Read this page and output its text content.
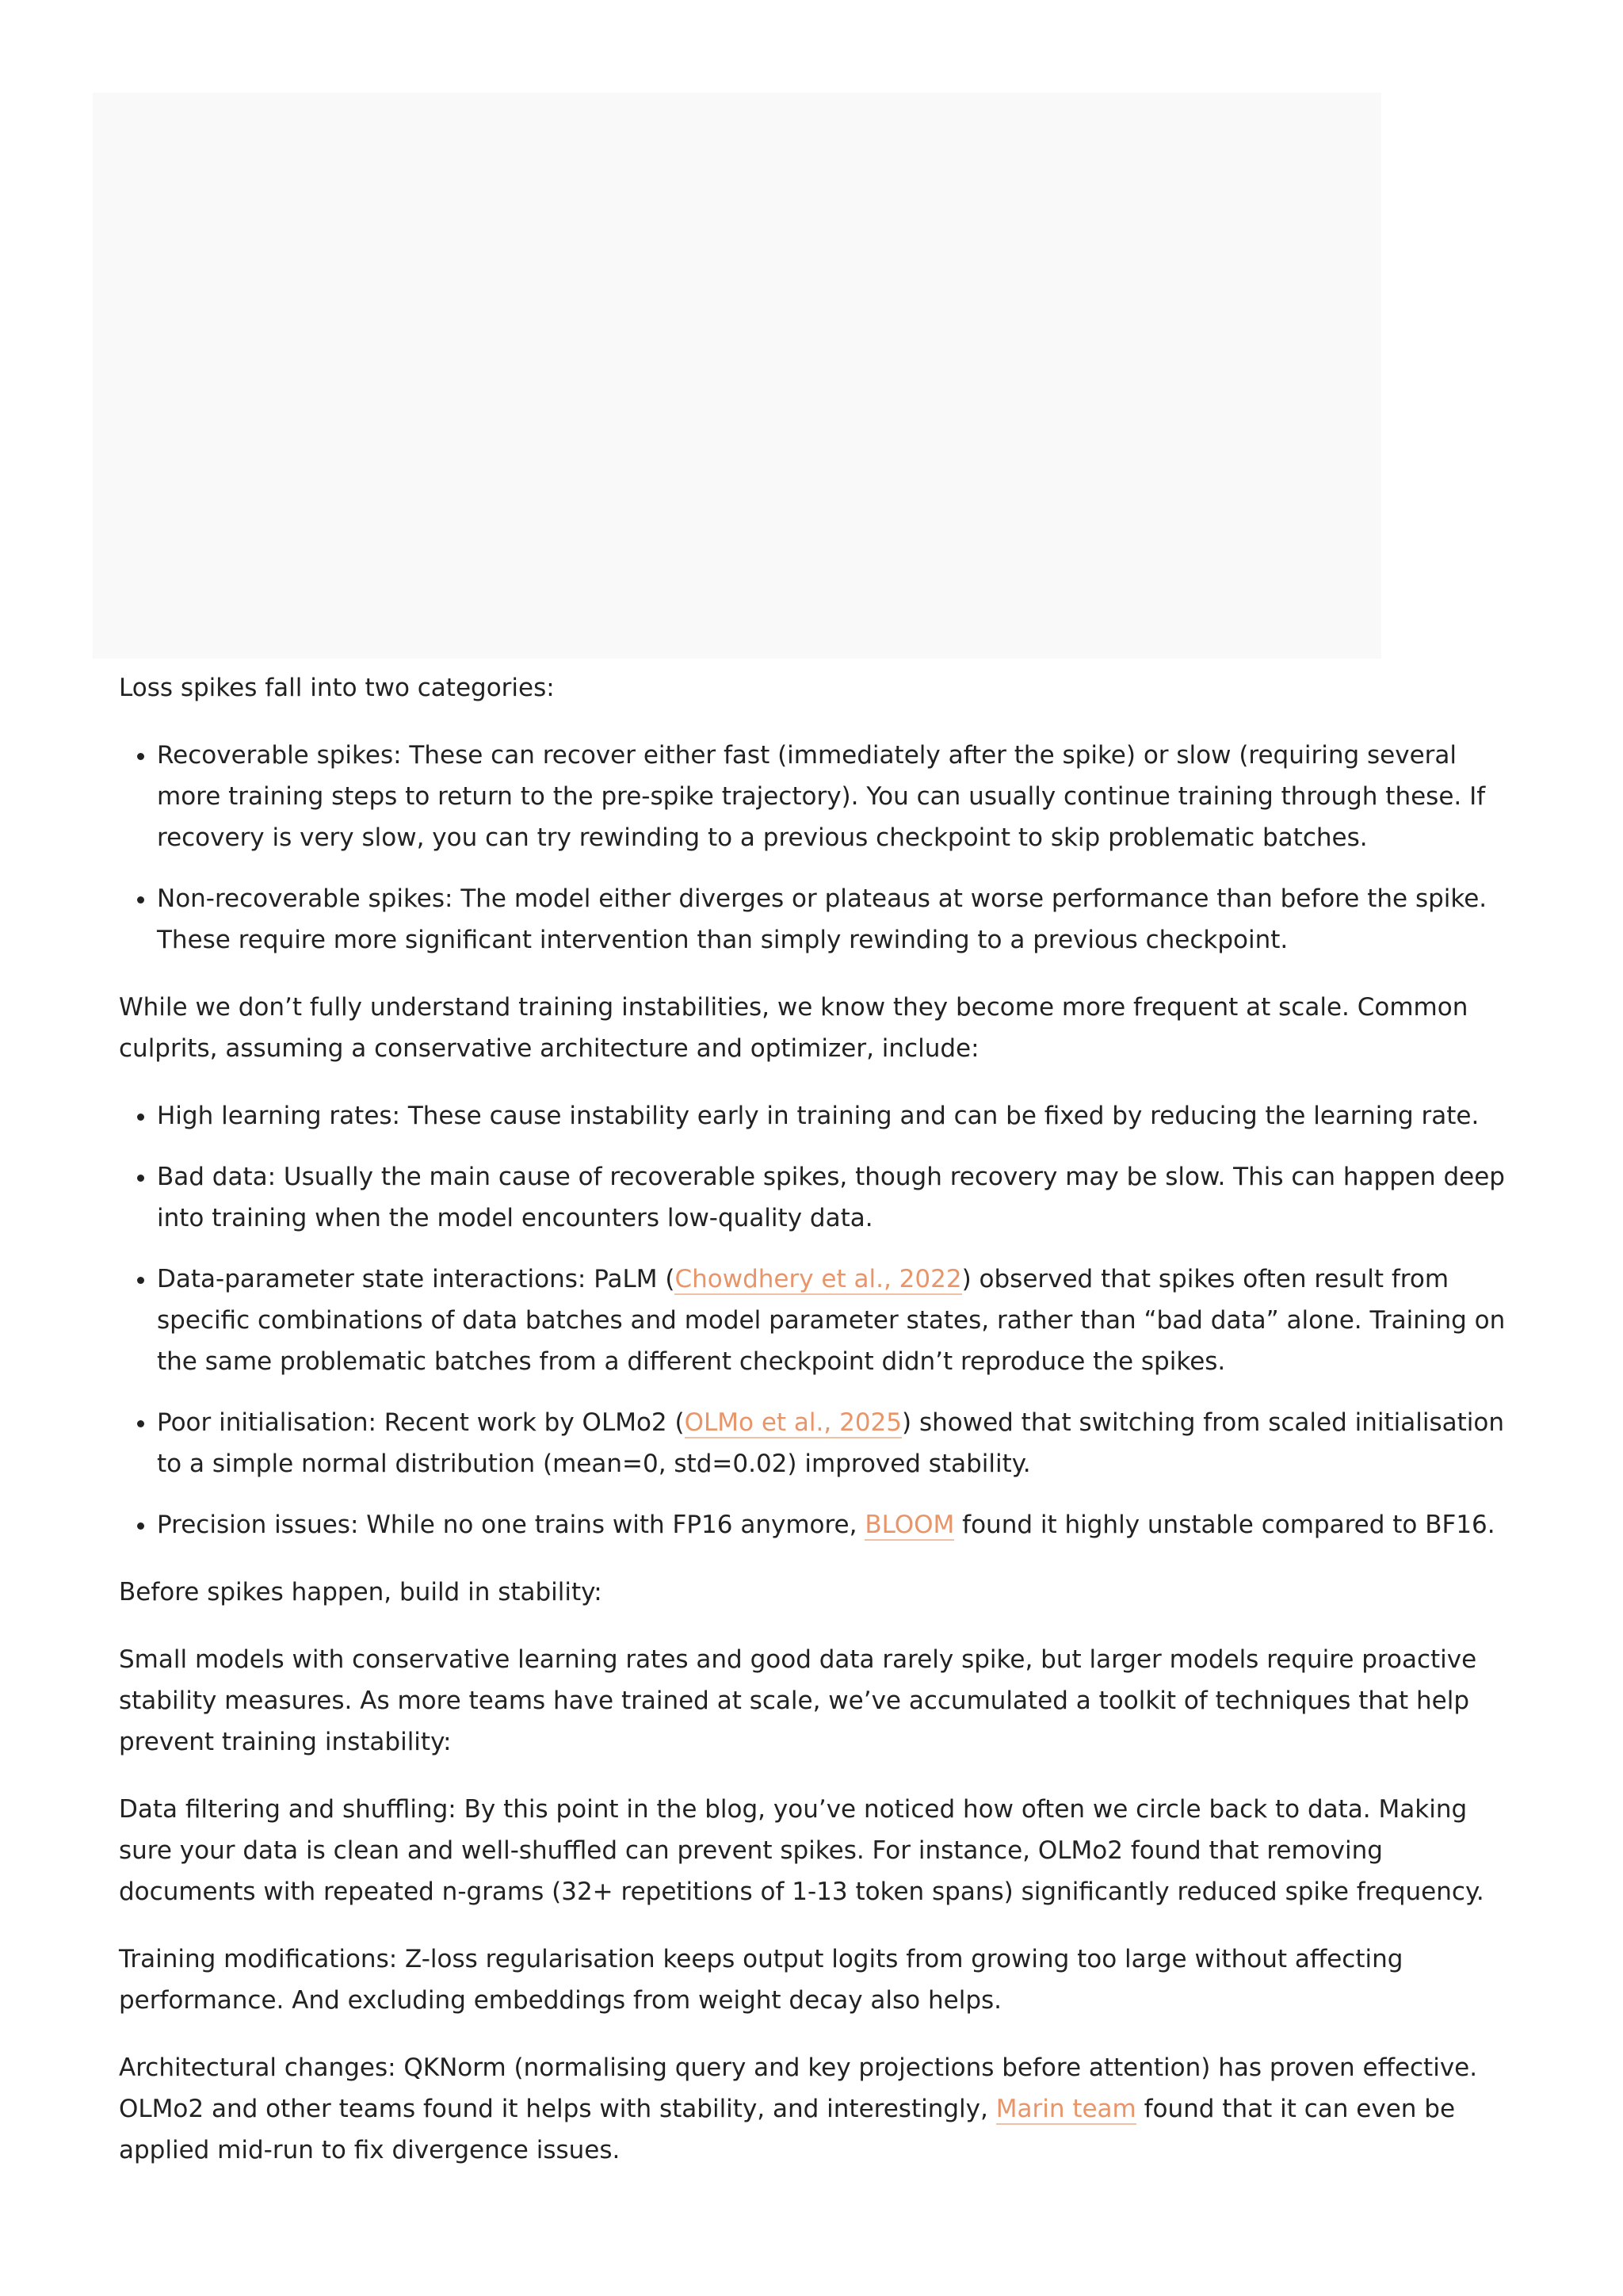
Loss spikes fall into two categories:

• Recoverable spikes: These can recover either fast (immediately after the spike) or slow (requiring several more training steps to return to the pre-spike trajectory). You can usually continue training through these. If recovery is very slow, you can try rewinding to a previous checkpoint to skip problematic batches.
• Non-recoverable spikes: The model either diverges or plateaus at worse performance than before the spike. These require more significant intervention than simply rewinding to a previous checkpoint.

While we don’t fully understand training instabilities, we know they become more frequent at scale. Common culprits, assuming a conservative architecture and optimizer, include:

• High learning rates: These cause instability early in training and can be fixed by reducing the learning rate.
• Bad data: Usually the main cause of recoverable spikes, though recovery may be slow. This can happen deep into training when the model encounters low-quality data.
• Data-parameter state interactions: PaLM (Chowdhery et al., 2022) observed that spikes often result from specific combinations of data batches and model parameter states, rather than “bad data” alone. Training on the same problematic batches from a different checkpoint didn’t reproduce the spikes.
• Poor initialisation: Recent work by OLMo2 (OLMo et al., 2025) showed that switching from scaled initialisation to a simple normal distribution (mean=0, std=0.02) improved stability.
• Precision issues: While no one trains with FP16 anymore, BLOOM found it highly unstable compared to BF16.

Before spikes happen, build in stability:

Small models with conservative learning rates and good data rarely spike, but larger models require proactive stability measures. As more teams have trained at scale, we’ve accumulated a toolkit of techniques that help prevent training instability:

Data filtering and shuffling: By this point in the blog, you’ve noticed how often we circle back to data. Making sure your data is clean and well-shuffled can prevent spikes. For instance, OLMo2 found that removing documents with repeated n-grams (32+ repetitions of 1-13 token spans) significantly reduced spike frequency.

Training modifications: Z-loss regularisation keeps output logits from growing too large without affecting performance. And excluding embeddings from weight decay also helps.

Architectural changes: QKNorm (normalising query and key projections before attention) has proven effective. OLMo2 and other teams found it helps with stability, and interestingly, Marin team found that it can even be applied mid-run to fix divergence issues.
